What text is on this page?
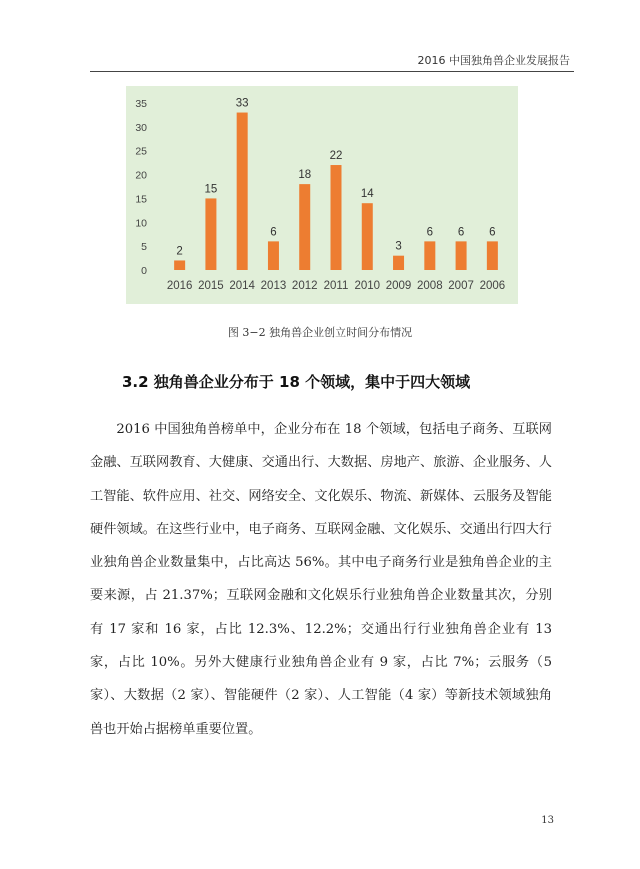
2016 中国独角兽企业发展报告
0
5
10
15
20
25
30
35
2
2016
15
2015
33
2014
6
2013
18
2012
22
2011
14
2010
3
2009
6
2008
6
2007
6
2006
图 3−2 独角兽企业创立时间分布情况
3.2 独角兽企业分布于 18 个领域，集中于四大领域

2016 中国独角兽榜单中，企业分布在 18 个领域，包括电子商务、互联网金融、互联网教育、大健康、交通出行、大数据、房地产、旅游、企业服务、人工智能、软件应用、社交、网络安全、文化娱乐、物流、新媒体、云服务及智能硬件领域。在这些行业中，电子商务、互联网金融、文化娱乐、交通出行四大行业独角兽企业数量集中，占比高达 56%。其中电子商务行业是独角兽企业的主要来源，占 21.37%；互联网金融和文化娱乐行业独角兽企业数量其次，分别有 17 家和 16 家，占比 12.3%、12.2%；交通出行行业独角兽企业有 13 家，占比 10%。另外大健康行业独角兽企业有 9 家，占比 7%；云服务（5 家）、大数据（2 家）、智能硬件（2 家）、人工智能（4 家）等新技术领域独角兽也开始占据榜单重要位置。

13
